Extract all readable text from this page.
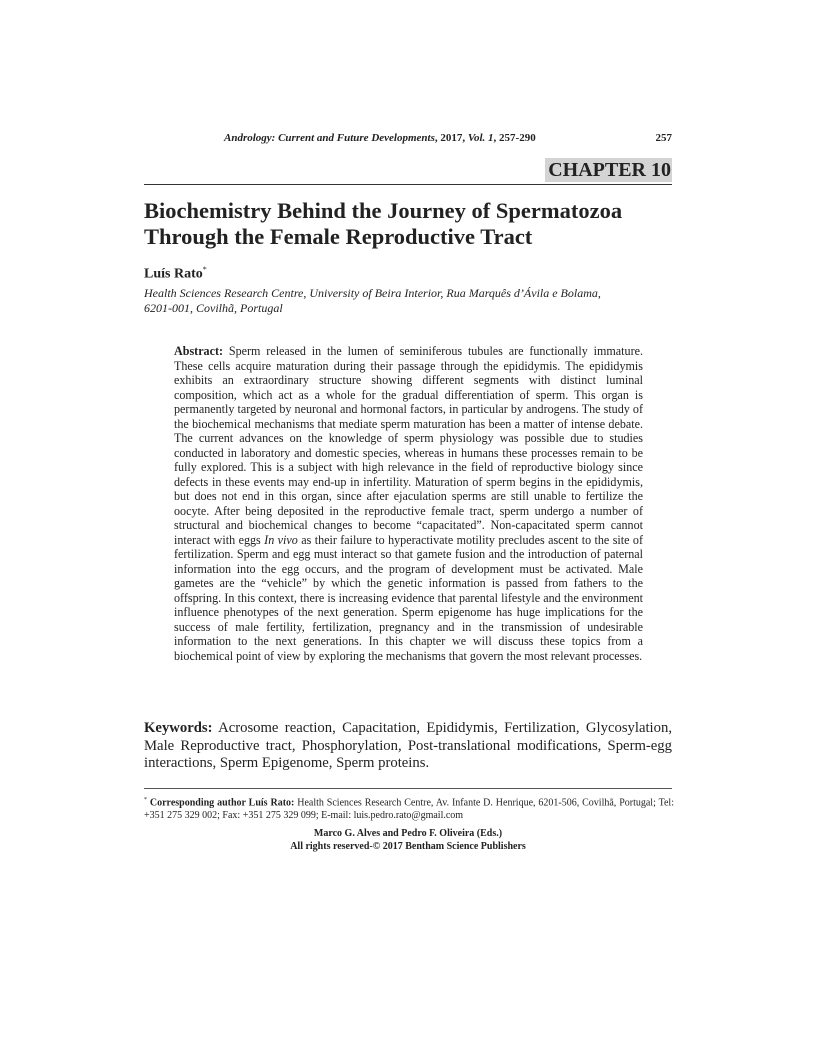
Andrology: Current and Future Developments, 2017, Vol. 1, 257-290	257
CHAPTER 10
Biochemistry Behind the Journey of Spermatozoa
Through the Female Reproductive Tract
Luís Rato*
Health Sciences Research Centre, University of Beira Interior, Rua Marquês d’Ávila e Bolama,
6201-001, Covilhã, Portugal

Abstract: Sperm released in the lumen of seminiferous tubules are functionally immature. These cells acquire maturation during their passage through the epididymis. The epididymis exhibits an extraordinary structure showing different segments with distinct luminal composition, which act as a whole for the gradual differentiation of sperm. This organ is permanently targeted by neuronal and hormonal factors, in particular by androgens. The study of the biochemical mechanisms that mediate sperm maturation has been a matter of intense debate. The current advances on the knowledge of sperm physiology was possible due to studies conducted in laboratory and domestic species, whereas in humans these processes remain to be fully explored. This is a subject with high relevance in the field of reproductive biology since defects in these events may end-up in infertility. Maturation of sperm begins in the epididymis, but does not end in this organ, since after ejaculation sperms are still unable to fertilize the oocyte. After being deposited in the reproductive female tract, sperm undergo a number of structural and biochemical changes to become “capacitated”. Non-capacitated sperm cannot interact with eggs In vivo as their failure to hyperactivate motility precludes ascent to the site of fertilization. Sperm and egg must interact so that gamete fusion and the introduction of paternal information into the egg occurs, and the program of development must be activated. Male gametes are the “vehicle” by which the genetic information is passed from fathers to the offspring. In this context, there is increasing evidence that parental lifestyle and the environment influence phenotypes of the next generation. Sperm epigenome has huge implications for the success of male fertility, fertilization, pregnancy and in the transmission of undesirable information to the next generations. In this chapter we will discuss these topics from a biochemical point of view by exploring the mechanisms that govern the most relevant processes.

Keywords: Acrosome reaction, Capacitation, Epididymis, Fertilization, Glycosylation, Male Reproductive tract, Phosphorylation, Post-translational modifications, Sperm-egg interactions, Sperm Epigenome, Sperm proteins.

* Corresponding author Luís Rato: Health Sciences Research Centre, Av. Infante D. Henrique, 6201-506, Covilhã, Portugal; Tel: +351 275 329 002; Fax: +351 275 329 099; E-mail: luis.pedro.rato@gmail.com

Marco G. Alves and Pedro F. Oliveira (Eds.)
All rights reserved-© 2017 Bentham Science Publishers
